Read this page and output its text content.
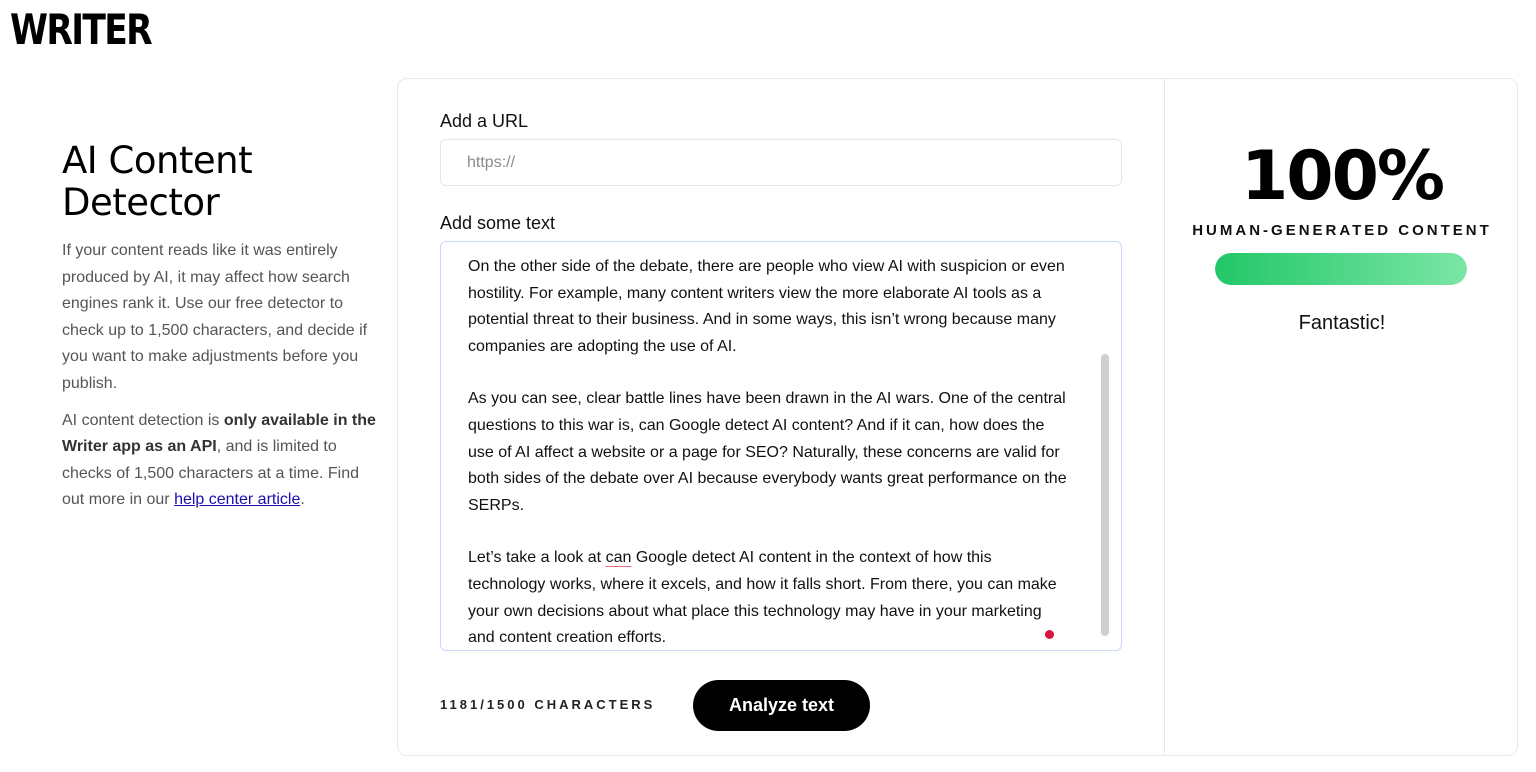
WRITER
AI Content
Detector

If your content reads like it was entirely produced by AI, it may affect how search engines rank it. Use our free detector to check up to 1,500 characters, and decide if you want to make adjustments before you publish.

AI content detection is only available in the Writer app as an API, and is limited to checks of 1,500 characters at a time. Find out more in our help center article.

Add a URL
https://
Add some text

On the other side of the debate, there are people who view AI with suspicion or even hostility. For example, many content writers view the more elaborate AI tools as a potential threat to their business. And in some ways, this isn’t wrong because many companies are adopting the use of AI.

As you can see, clear battle lines have been drawn in the AI wars. One of the central questions to this war is, can Google detect AI content? And if it can, how does the use of AI affect a website or a page for SEO? Naturally, these concerns are valid for both sides of the debate over AI because everybody wants great performance on the SERPs.

Let’s take a look at can Google detect AI content in the context of how this technology works, where it excels, and how it falls short. From there, you can make your own decisions about what place this technology may have in your marketing and content creation efforts.

1181/1500 CHARACTERS	Analyze text
100%
HUMAN-GENERATED CONTENT
Fantastic!
